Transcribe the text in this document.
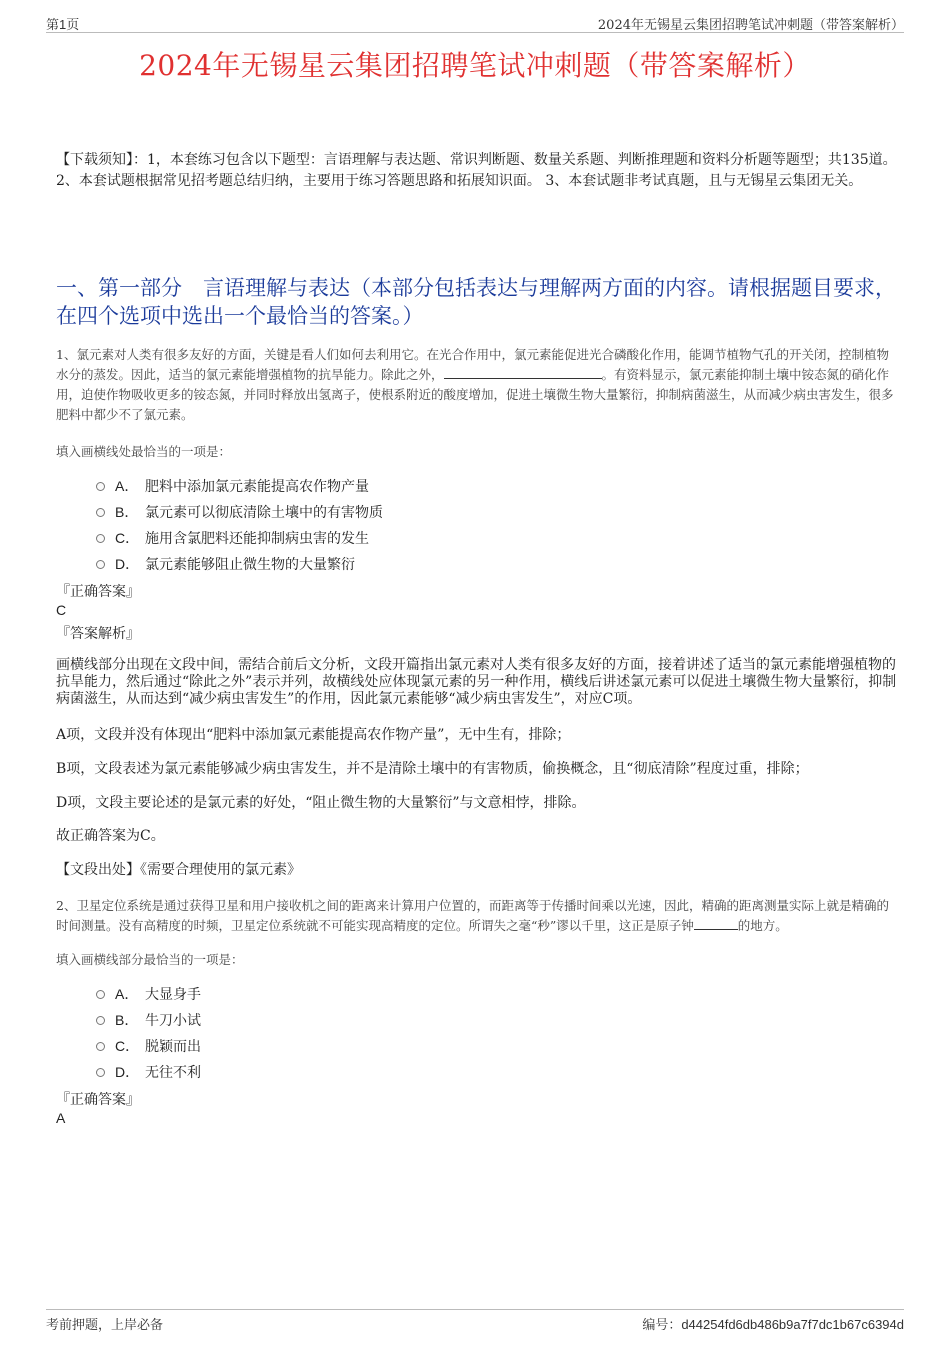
第1页	2024年无锡星云集团招聘笔试冲刺题（带答案解析）
2024年无锡星云集团招聘笔试冲刺题（带答案解析）
【下载须知】：1，本套练习包含以下题型：言语理解与表达题、常识判断题、数量关系题、判断推理题和资料分析题等题型；共135道。 2、本套试题根据常见招考题总结归纳，主要用于练习答题思路和拓展知识面。 3、本套试题非考试真题，且与无锡星云集团无关。
一、第一部分　言语理解与表达（本部分包括表达与理解两方面的内容。请根据题目要求，在四个选项中选出一个最恰当的答案。）
1、氯元素对人类有很多友好的方面，关键是看人们如何去利用它。在光合作用中，氯元素能促进光合磷酸化作用，能调节植物气孔的开关闭，控制植物水分的蒸发。因此，适当的氯元素能增强植物的抗旱能力。除此之外，	。有资料显示，氯元素能抑制土壤中铵态氮的硝化作用，迫使作物吸收更多的铵态氮，并同时释放出氢离子，使根系附近的酸度增加，促进土壤微生物大量繁衍，抑制病菌滋生，从而减少病虫害发生，很多肥料中都少不了氯元素。
填入画横线处最恰当的一项是：
A． 肥料中添加氯元素能提高农作物产量
B． 氯元素可以彻底清除土壤中的有害物质
C． 施用含氯肥料还能抑制病虫害的发生
D． 氯元素能够阻止微生物的大量繁衍
『正确答案』
C
『答案解析』
画横线部分出现在文段中间，需结合前后文分析，文段开篇指出氯元素对人类有很多友好的方面，接着讲述了适当的氯元素能增强植物的抗旱能力，然后通过“除此之外”表示并列，故横线处应体现氯元素的另一种作用，横线后讲述氯元素可以促进土壤微生物大量繁衍，抑制病菌滋生，从而达到“减少病虫害发生”的作用，因此氯元素能够“减少病虫害发生”，对应C项。
A项，文段并没有体现出“肥料中添加氯元素能提高农作物产量”，无中生有，排除；
B项，文段表述为氯元素能够减少病虫害发生，并不是清除土壤中的有害物质，偷换概念，且“彻底清除”程度过重，排除；
D项，文段主要论述的是氯元素的好处，“阻止微生物的大量繁衍”与文意相悖，排除。
故正确答案为C。
【文段出处】《需要合理使用的氯元素》
2、卫星定位系统是通过获得卫星和用户接收机之间的距离来计算用户位置的，而距离等于传播时间乘以光速，因此，精确的距离测量实际上就是精确的时间测量。没有高精度的时频，卫星定位系统就不可能实现高精度的定位。所谓失之毫“秒”谬以千里，这正是原子钟	的地方。
填入画横线部分最恰当的一项是：
A． 大显身手
B． 牛刀小试
C． 脱颖而出
D． 无往不利
『正确答案』
A
考前押题，上岸必备	编号：d44254fd6db486b9a7f7dc1b67c6394d
